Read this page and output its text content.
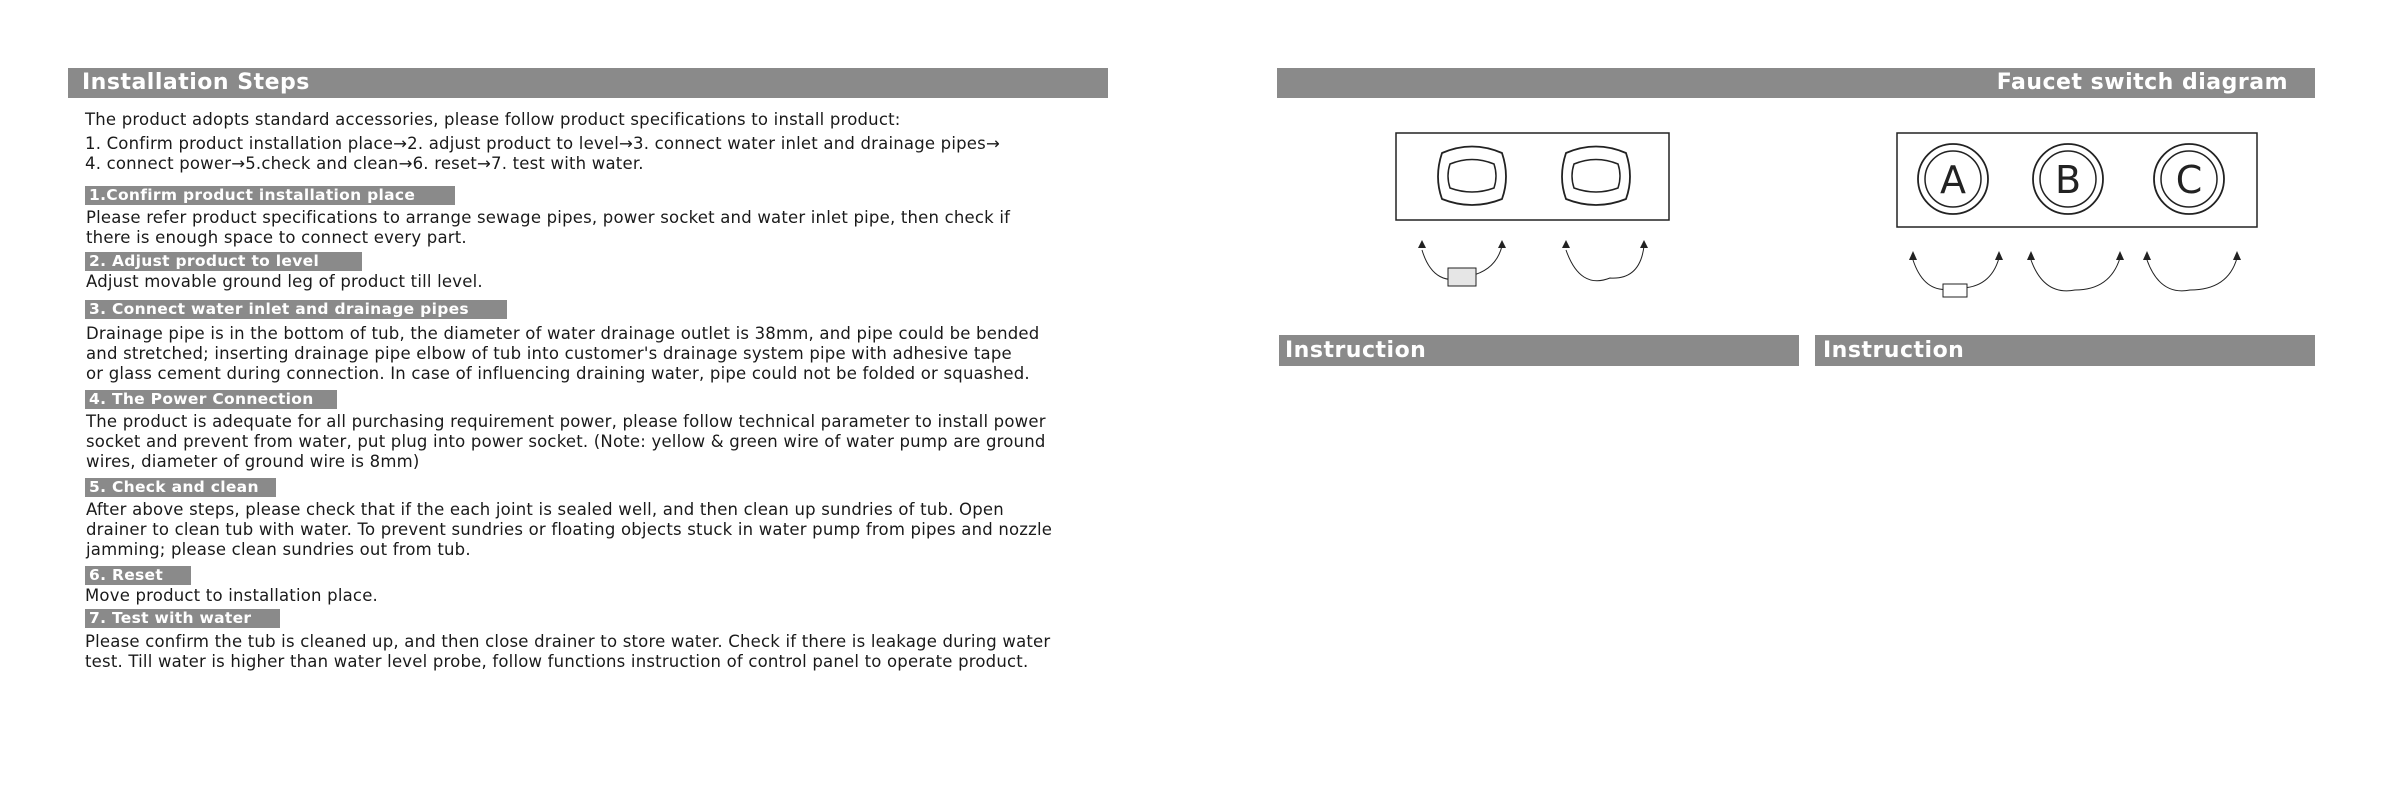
Installation Steps
The product adopts standard accessories, please follow product specifications to install product:
1. Confirm product installation place→2. adjust product to level→3. connect water inlet and drainage pipes→
4. connect power→5.check and clean→6. reset→7. test with water.
1.Confirm product installation place
Please refer product specifications to arrange sewage pipes, power socket and water inlet pipe, then check if
there is enough space to connect every part.
2. Adjust product to level
Adjust movable ground leg of product till level.
3. Connect water inlet and drainage pipes
Drainage pipe is in the bottom of tub, the diameter of water drainage outlet is 38mm, and pipe could be bended
and stretched; inserting drainage pipe elbow of tub into customer's drainage system pipe with adhesive tape
or glass cement during connection. In case of influencing draining water, pipe could not be folded or squashed.
4. The Power Connection
The product is adequate for all purchasing requirement power, please follow technical parameter to install power
socket and prevent from water, put plug into power socket. (Note: yellow & green wire of water pump are ground
wires, diameter of ground wire is 8mm)
5. Check and clean
After above steps, please check that if the each joint is sealed well, and then clean up sundries of tub. Open
drainer to clean tub with water. To prevent sundries or floating objects stuck in water pump from pipes and nozzle
jamming; please clean sundries out from tub.
6. Reset
Move product to installation place.
7. Test with water
Please confirm the tub is cleaned up, and then close drainer to store water. Check if there is leakage during water
test. Till water is higher than water level probe, follow functions instruction of control panel to operate product.
Faucet switch diagram
A B C
Instruction	Instruction
